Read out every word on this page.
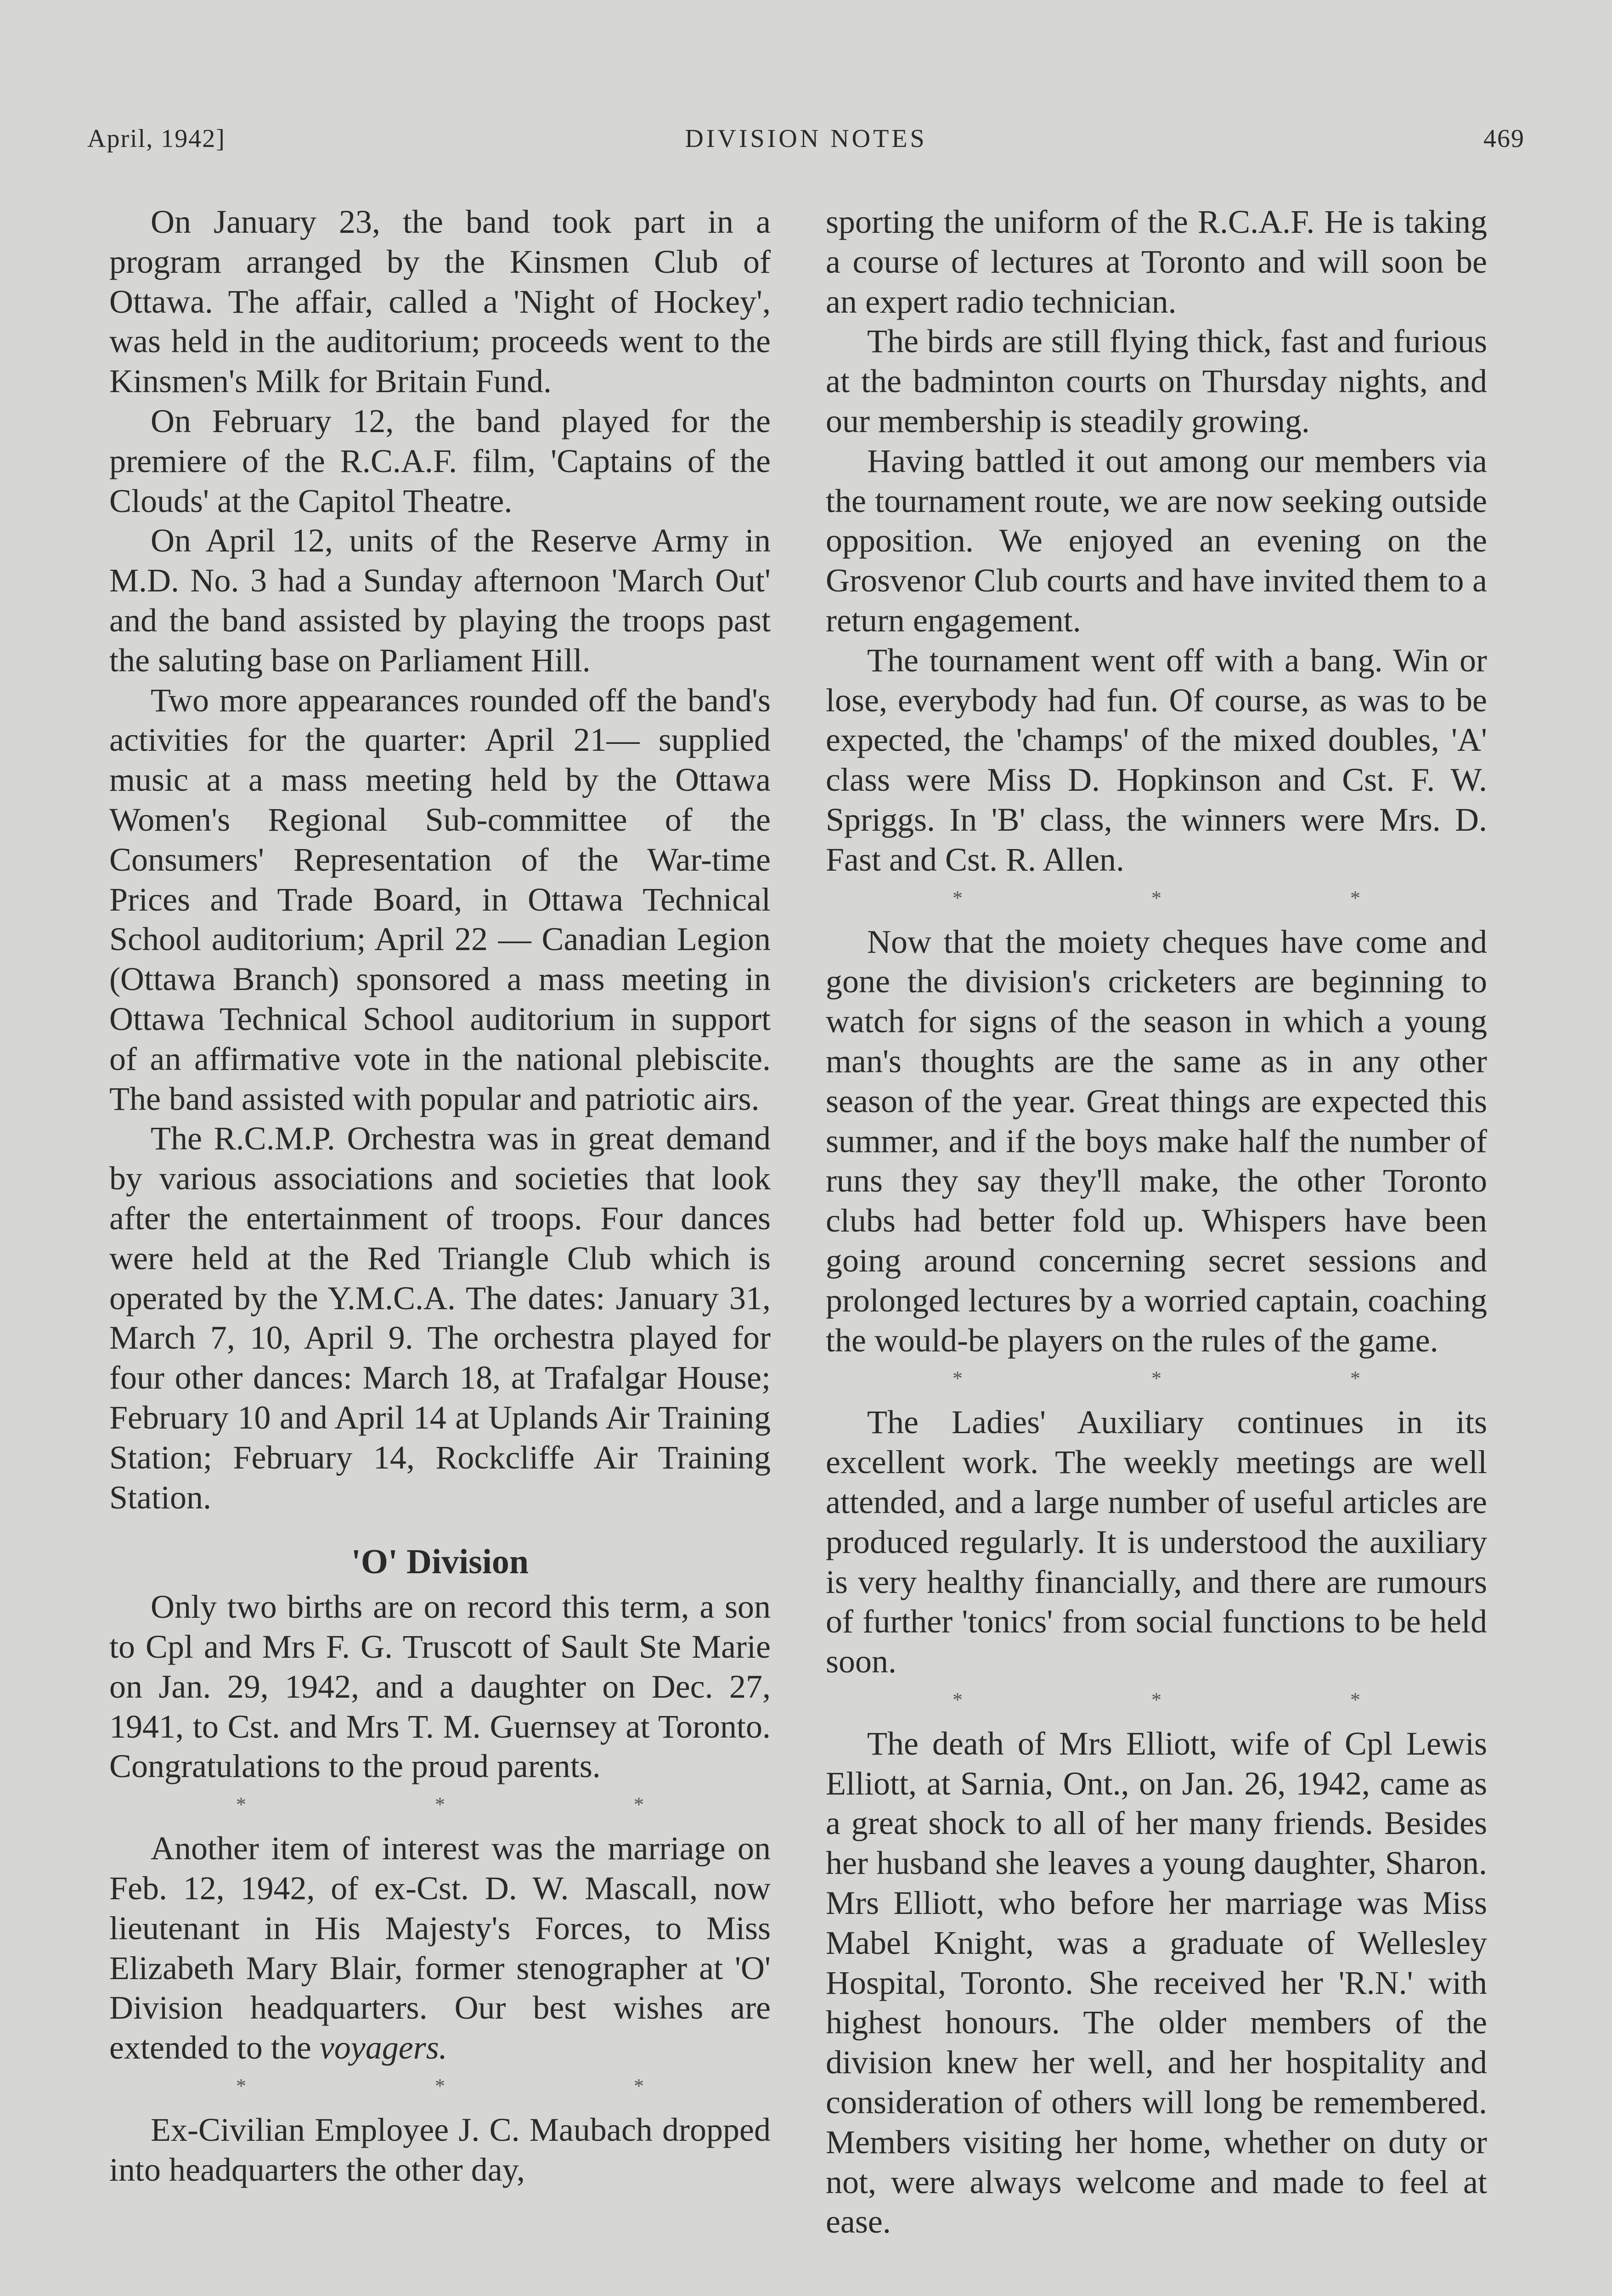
April, 1942]	DIVISION NOTES	469

On January 23, the band took part in a program arranged by the Kinsmen Club of Ottawa. The affair, called a 'Night of Hockey', was held in the auditorium; proceeds went to the Kinsmen's Milk for Britain Fund.

On February 12, the band played for the premiere of the R.C.A.F. film, 'Captains of the Clouds' at the Capitol Theatre.

On April 12, units of the Reserve Army in M.D. No. 3 had a Sunday afternoon 'March Out' and the band assisted by playing the troops past the saluting base on Parliament Hill.

Two more appearances rounded off the band's activities for the quarter: April 21— supplied music at a mass meeting held by the Ottawa Women's Regional Sub-committee of the Consumers' Representation of the War-time Prices and Trade Board, in Ottawa Technical School auditorium; April 22 — Canadian Legion (Ottawa Branch) sponsored a mass meeting in Ottawa Technical School auditorium in support of an affirmative vote in the national plebiscite. The band assisted with popular and patriotic airs.

The R.C.M.P. Orchestra was in great demand by various associations and societies that look after the entertainment of troops. Four dances were held at the Red Triangle Club which is operated by the Y.M.C.A. The dates: January 31, March 7, 10, April 9. The orchestra played for four other dances: March 18, at Trafalgar House; February 10 and April 14 at Uplands Air Training Station; February 14, Rockcliffe Air Training Station.

'O' Division

Only two births are on record this term, a son to Cpl and Mrs F. G. Truscott of Sault Ste Marie on Jan. 29, 1942, and a daughter on Dec. 27, 1941, to Cst. and Mrs T. M. Guernsey at Toronto. Congratulations to the proud parents.

* * *

Another item of interest was the marriage on Feb. 12, 1942, of ex-Cst. D. W. Mascall, now lieutenant in His Majesty's Forces, to Miss Elizabeth Mary Blair, former stenographer at 'O' Division headquarters. Our best wishes are extended to the voyagers.

* * *

Ex-Civilian Employee J. C. Maubach dropped into headquarters the other day,

sporting the uniform of the R.C.A.F. He is taking a course of lectures at Toronto and will soon be an expert radio technician.

The birds are still flying thick, fast and furious at the badminton courts on Thursday nights, and our membership is steadily growing.

Having battled it out among our members via the tournament route, we are now seeking outside opposition. We enjoyed an evening on the Grosvenor Club courts and have invited them to a return engagement.

The tournament went off with a bang. Win or lose, everybody had fun. Of course, as was to be expected, the 'champs' of the mixed doubles, 'A' class were Miss D. Hopkinson and Cst. F. W. Spriggs. In 'B' class, the winners were Mrs. D. Fast and Cst. R. Allen.

* * *

Now that the moiety cheques have come and gone the division's cricketers are beginning to watch for signs of the season in which a young man's thoughts are the same as in any other season of the year. Great things are expected this summer, and if the boys make half the number of runs they say they'll make, the other Toronto clubs had better fold up. Whispers have been going around concerning secret sessions and prolonged lectures by a worried captain, coaching the would-be players on the rules of the game.

* * *

The Ladies' Auxiliary continues in its excellent work. The weekly meetings are well attended, and a large number of useful articles are produced regularly. It is understood the auxiliary is very healthy financially, and there are rumours of further 'tonics' from social functions to be held soon.

* * *

The death of Mrs Elliott, wife of Cpl Lewis Elliott, at Sarnia, Ont., on Jan. 26, 1942, came as a great shock to all of her many friends. Besides her husband she leaves a young daughter, Sharon. Mrs Elliott, who before her marriage was Miss Mabel Knight, was a graduate of Wellesley Hospital, Toronto. She received her 'R.N.' with highest honours. The older members of the division knew her well, and her hospitality and consideration of others will long be remembered. Members visiting her home, whether on duty or not, were always welcome and made to feel at ease.
